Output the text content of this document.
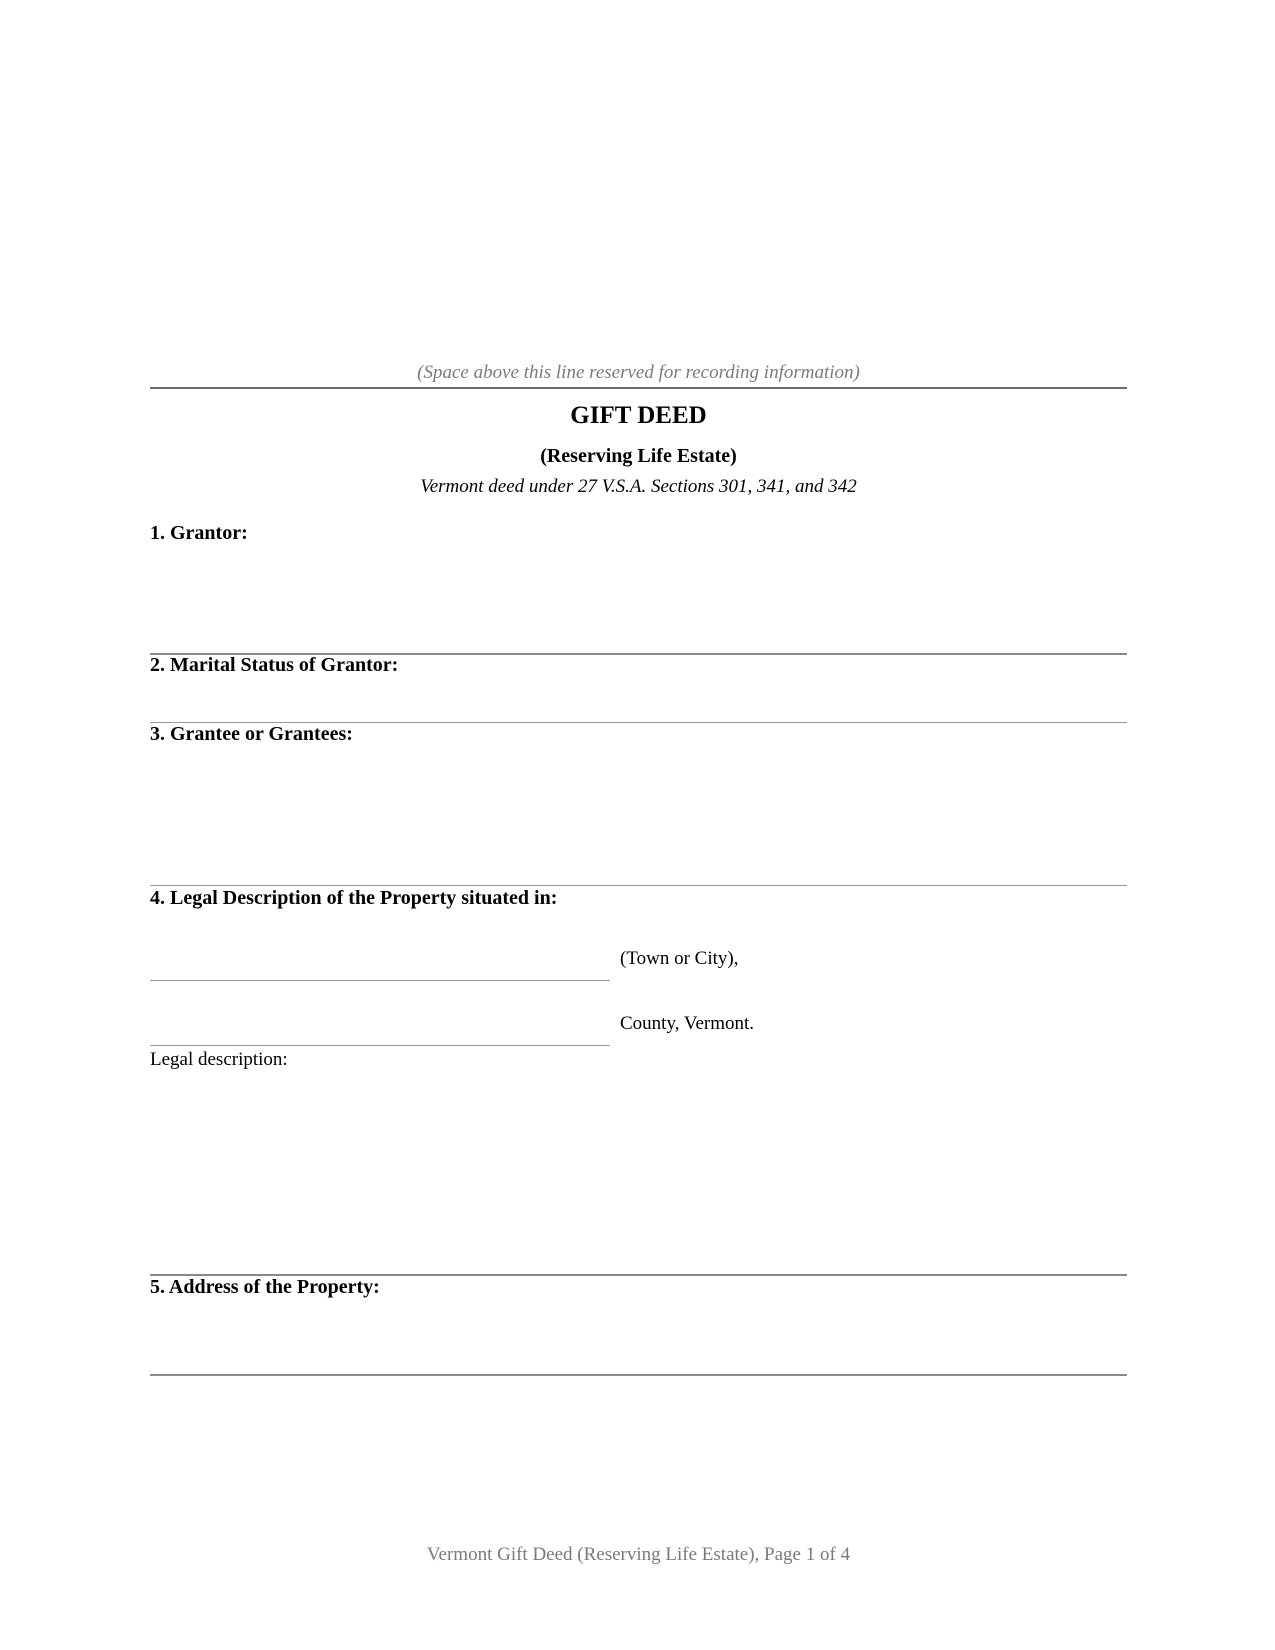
(Space above this line reserved for recording information)
GIFT DEED
(Reserving Life Estate)
Vermont deed under 27 V.S.A. Sections 301, 341, and 342
1. Grantor:
2. Marital Status of Grantor:
3. Grantee or Grantees:
4. Legal Description of the Property situated in:
(Town or City),
County, Vermont.
Legal description:
5. Address of the Property:
Vermont Gift Deed (Reserving Life Estate), Page 1 of 4
